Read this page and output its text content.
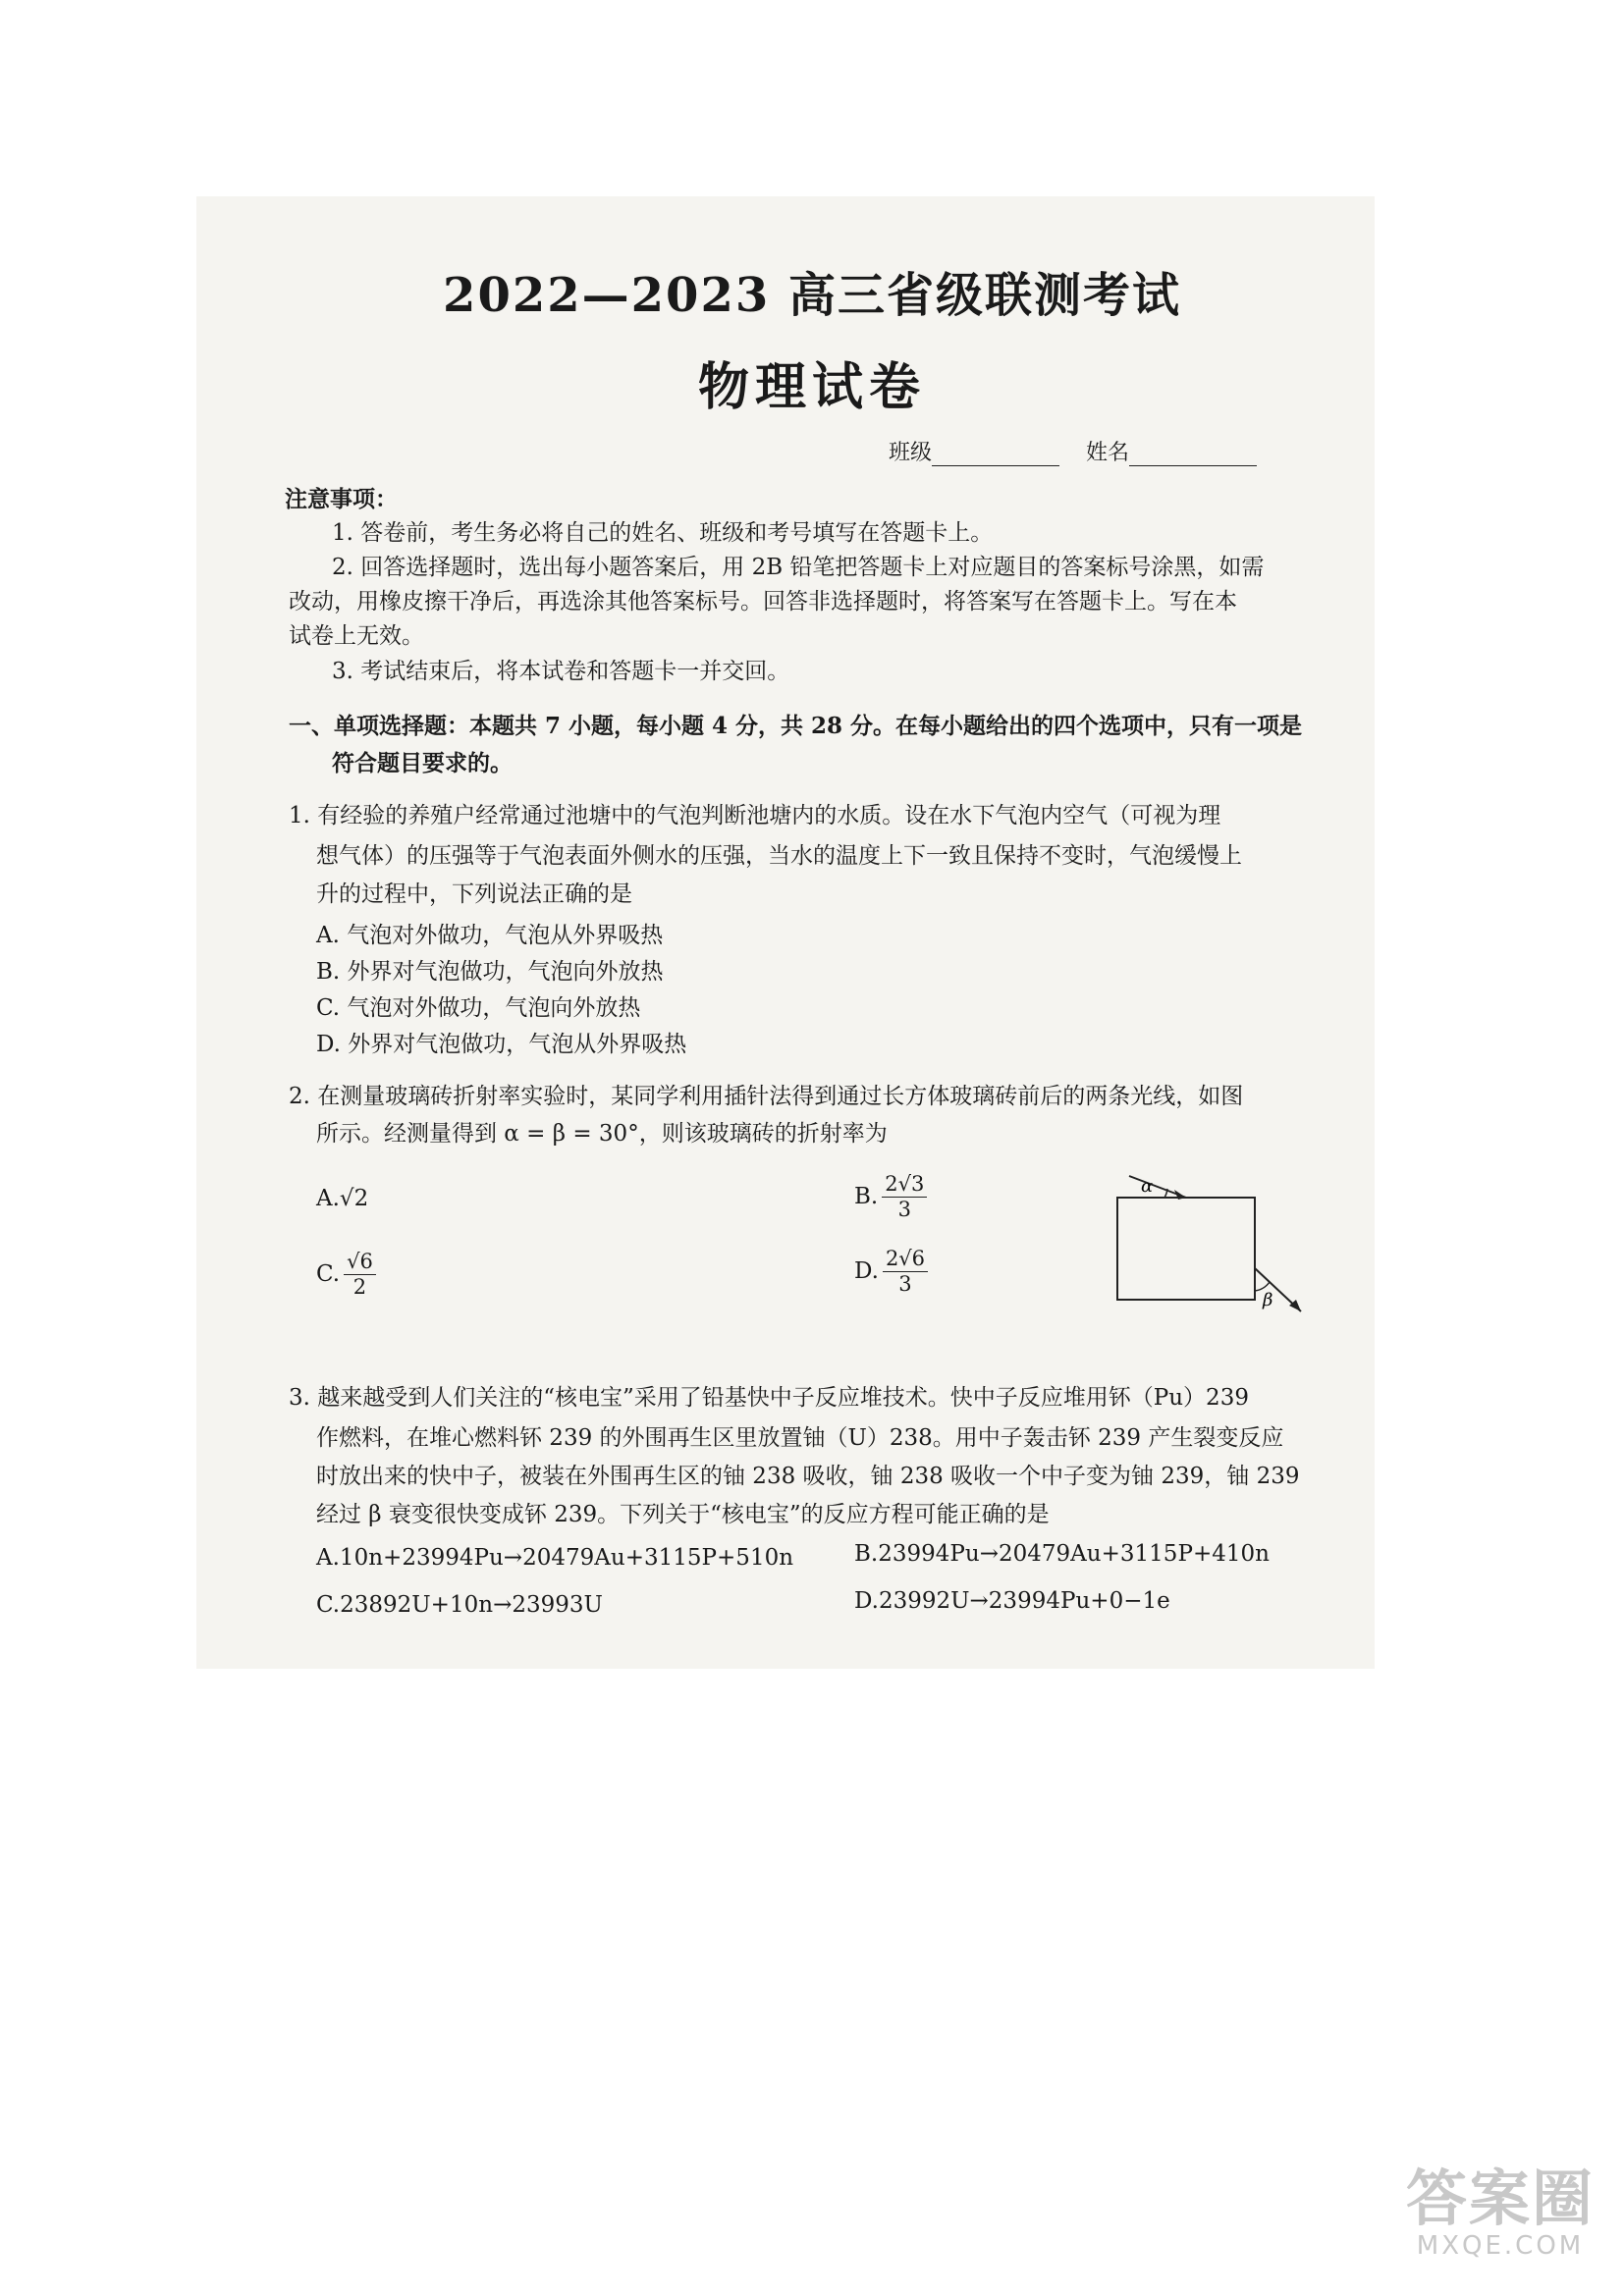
2022—2023 高三省级联测考试
物理试卷
班级	姓名
注意事项：
1. 答卷前，考生务必将自己的姓名、班级和考号填写在答题卡上。
2. 回答选择题时，选出每小题答案后，用 2B 铅笔把答题卡上对应题目的答案标号涂黑，如需
改动，用橡皮擦干净后，再选涂其他答案标号。回答非选择题时，将答案写在答题卡上。写在本
试卷上无效。
3. 考试结束后，将本试卷和答题卡一并交回。
一、单项选择题：本题共 7 小题，每小题 4 分，共 28 分。在每小题给出的四个选项中，只有一项是
符合题目要求的。
1. 有经验的养殖户经常通过池塘中的气泡判断池塘内的水质。设在水下气泡内空气（可视为理
想气体）的压强等于气泡表面外侧水的压强，当水的温度上下一致且保持不变时，气泡缓慢上
升的过程中，下列说法正确的是
A. 气泡对外做功，气泡从外界吸热
B. 外界对气泡做功，气泡向外放热
C. 气泡对外做功，气泡向外放热
D. 外界对气泡做功，气泡从外界吸热
2. 在测量玻璃砖折射率实验时，某同学利用插针法得到通过长方体玻璃砖前后的两条光线，如图
所示。经测量得到 α = β = 30°，则该玻璃砖的折射率为
A.√2	B. $\frac{2√3}{3}$
C. $\frac{√6}{2}$	D. $\frac{2√6}{3}$
α
β
3. 越来越受到人们关注的“核电宝”采用了铅基快中子反应堆技术。快中子反应堆用钚（Pu）239
作燃料，在堆心燃料钚 239 的外围再生区里放置铀（U）238。用中子轰击钚 239 产生裂变反应
时放出来的快中子，被装在外围再生区的铀 238 吸收，铀 238 吸收一个中子变为铀 239，铀 239
经过 β 衰变很快变成钚 239。下列关于“核电宝”的反应方程可能正确的是
A. 10 n + 23994 Pu → 20479 Au + 3115 P +5 10 n	B. 23994 Pu → 20479 Au + 3115 P +4 10 n
C. 23892 U + 10 n → 23993 U	D. 23992 U → 23994 Pu + 0−1 e
答案圈
MXQE.COM
